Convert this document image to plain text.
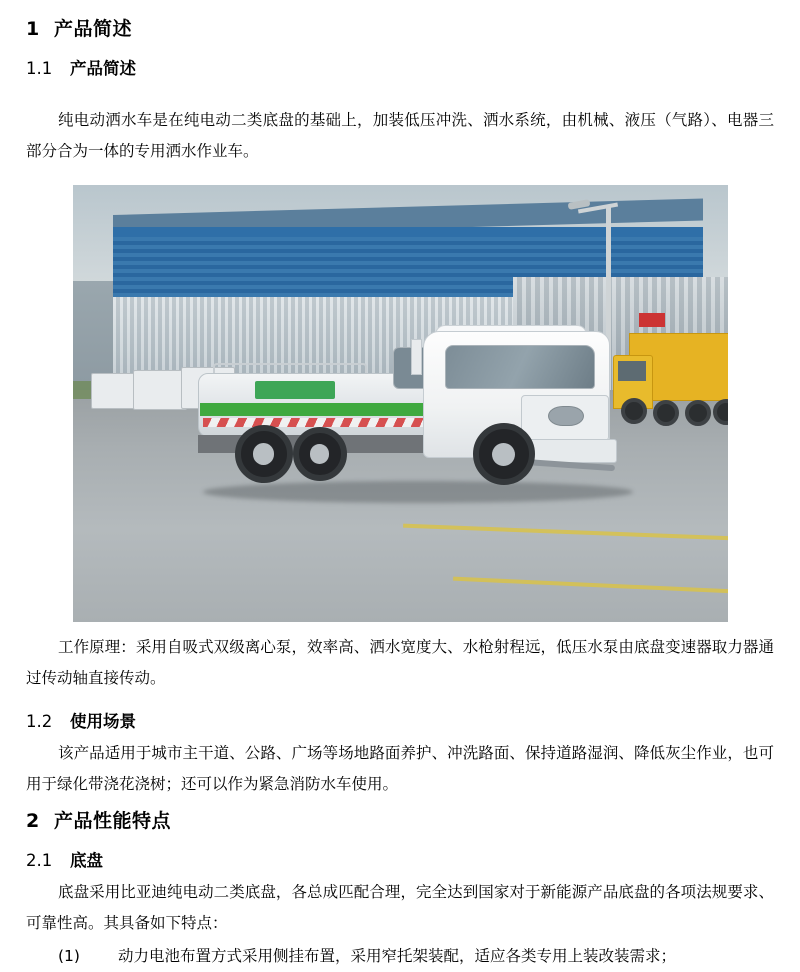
1 产品简述
1.1 产品简述

纯电动洒水车是在纯电动二类底盘的基础上，加装低压冲洗、洒水系统，由机械、液压（气路）、电器三部分合为一体的专用洒水作业车。

工作原理：采用自吸式双级离心泵，效率高、洒水宽度大、水枪射程远，低压水泵由底盘变速器取力器通过传动轴直接传动。

1.2 使用场景

该产品适用于城市主干道、公路、广场等场地路面养护、冲洗路面、保持道路湿润、降低灰尘作业，也可用于绿化带浇花浇树；还可以作为紧急消防水车使用。

2 产品性能特点
2.1 底盘

底盘采用比亚迪纯电动二类底盘，各总成匹配合理，完全达到国家对于新能源产品底盘的各项法规要求、可靠性高。其具备如下特点：

(1) 动力电池布置方式采用侧挂布置，采用窄托架装配，适应各类专用上装改装需求；
